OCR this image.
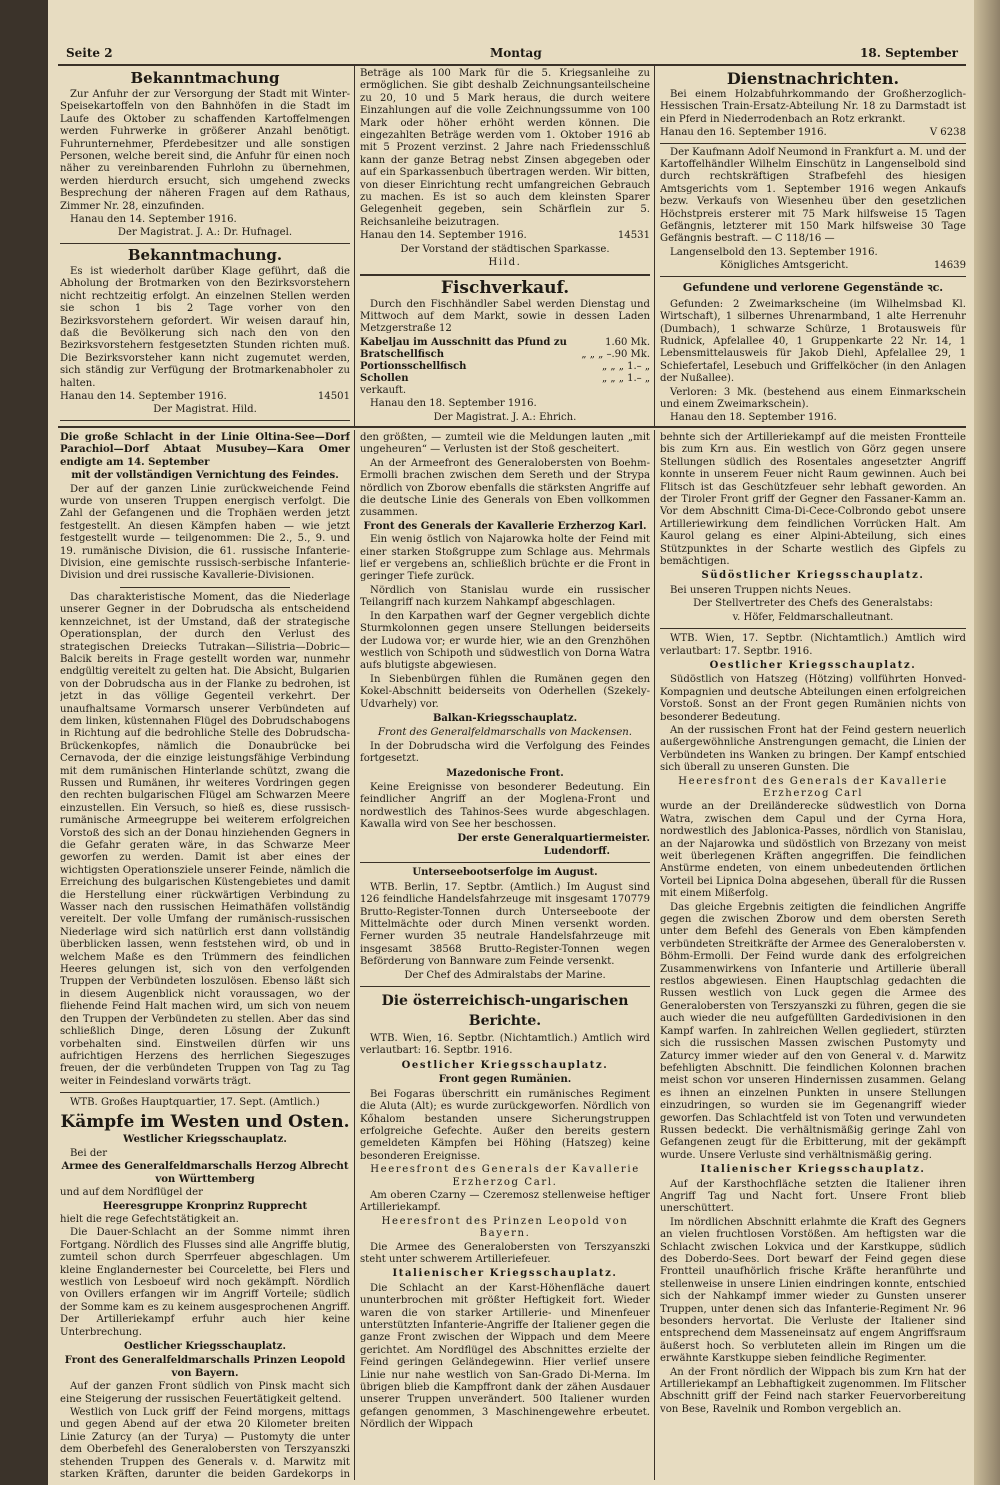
Seite 2	Montag	18. September
Bekanntmachung

Zur Anfuhr der zur Versorgung der Stadt mit Winter-Speisekartoffeln von den Bahnhöfen in die Stadt im Laufe des Oktober zu schaffenden Kartoffelmengen werden Fuhrwerke in größerer Anzahl benötigt. Fuhrunternehmer, Pferdebesitzer und alle sonstigen Personen, welche bereit sind, die Anfuhr für einen noch näher zu vereinbarenden Fuhrlohn zu übernehmen, werden hierdurch ersucht, sich umgehend zwecks Besprechung der näheren Fragen auf dem Rathaus, Zimmer Nr. 28, einzufinden.

Hanau den 14. September 1916.

Der Magistrat. J. A.: Dr. Hufnagel.

Bekanntmachung.

Es ist wiederholt darüber Klage geführt, daß die Abholung der Brotmarken von den Bezirksvorstehern nicht rechtzeitig erfolgt. An einzelnen Stellen werden sie schon 1 bis 2 Tage vorher von den Bezirksvorstehern gefordert. Wir weisen darauf hin, daß die Bevölkerung sich nach den von den Bezirksvorstehern festgesetzten Stunden richten muß. Die Bezirksvorsteher kann nicht zugemutet werden, sich ständig zur Verfügung der Brotmarkenabholer zu halten.

Hanau den 14. September 1916.	14501

Der Magistrat. Hild.

Beträge als 100 Mark für die 5. Kriegsanleihe zu ermöglichen. Sie gibt deshalb Zeichnungsanteilscheine zu 20, 10 und 5 Mark heraus, die durch weitere Einzahlungen auf die volle Zeichnungssumme von 100 Mark oder höher erhöht werden können. Die eingezahlten Beträge werden vom 1. Oktober 1916 ab mit 5 Prozent verzinst. 2 Jahre nach Friedensschluß kann der ganze Betrag nebst Zinsen abgegeben oder auf ein Sparkassenbuch übertragen werden. Wir bitten, von dieser Einrichtung recht umfangreichen Gebrauch zu machen. Es ist so auch dem kleinsten Sparer Gelegenheit gegeben, sein Schärflein zur 5. Reichsanleihe beizutragen.

Hanau den 14. September 1916.	14531

Der Vorstand der städtischen Sparkasse.

Hild.

Fischverkauf.

Durch den Fischhändler Sabel werden Dienstag und Mittwoch auf dem Markt, sowie in dessen Laden Metzgerstraße 12

Kabeljau im Ausschnitt das Pfund zu	1.60 Mk.
Bratschellfisch	„ „ „ –.90 Mk.
Portionsschellfisch	„ „ „ 1.– „
Schollen	„ „ „ 1.– „

verkauft.

Hanau den 18. September 1916.

Der Magistrat. J. A.: Ehrich.

Dienstnachrichten.

Bei einem Holzabfuhrkommando der Großherzoglich-Hessischen Train-Ersatz-Abteilung Nr. 18 zu Darmstadt ist ein Pferd in Niederrodenbach an Rotz erkrankt.

Hanau den 16. September 1916.	V 6238

Der Kaufmann Adolf Neumond in Frankfurt a. M. und der Kartoffelhändler Wilhelm Einschütz in Langenselbold sind durch rechtskräftigen Strafbefehl des hiesigen Amtsgerichts vom 1. September 1916 wegen Ankaufs bezw. Verkaufs von Wiesenheu über den gesetzlichen Höchstpreis ersterer mit 75 Mark hilfsweise 15 Tagen Gefängnis, letzterer mit 150 Mark hilfsweise 30 Tage Gefängnis bestraft. — C 118/16 —

Langenselbold den 13. September 1916.

Königliches Amtsgericht.	14639

Gefundene und verlorene Gegenstände ꝛc.

Gefunden: 2 Zweimarkscheine (im Wilhelmsbad Kl. Wirtschaft), 1 silbernes Uhrenarmband, 1 alte Herrenuhr (Dumbach), 1 schwarze Schürze, 1 Brotausweis für Rudnick, Apfelallee 40, 1 Gruppenkarte 22 Nr. 14, 1 Lebensmittelausweis für Jakob Diehl, Apfelallee 29, 1 Schiefertafel, Lesebuch und Griffelköcher (in den Anlagen der Nußallee).

Verloren: 3 Mk. (bestehend aus einem Einmarkschein und einem Zweimarkschein).

Hanau den 18. September 1916.

Die große Schlacht in der Linie Oltina-See—Dorf Parachiol—Dorf Abtaat Musubey—Kara Omer endigte am 14. September

mit der vollständigen Vernichtung des Feindes.

Der auf der ganzen Linie zurückweichende Feind wurde von unseren Truppen energisch verfolgt. Die Zahl der Gefangenen und die Trophäen werden jetzt festgestellt. An diesen Kämpfen haben — wie jetzt festgestellt wurde — teilgenommen: Die 2., 5., 9. und 19. rumänische Division, die 61. russische Infanterie-Division, eine gemischte russisch-serbische Infanterie-Division und drei russische Kavallerie-Divisionen.

Das charakteristische Moment, das die Niederlage unserer Gegner in der Dobrudscha als entscheidend kennzeichnet, ist der Umstand, daß der strategische Operationsplan, der durch den Verlust des strategischen Dreiecks Tutrakan—Silistria—Dobric—Balcik bereits in Frage gestellt worden war, nunmehr endgültig vereitelt zu gelten hat. Die Absicht, Bulgarien von der Dobrudscha aus in der Flanke zu bedrohen, ist jetzt in das völlige Gegenteil verkehrt. Der unaufhaltsame Vormarsch unserer Verbündeten auf dem linken, küstennahen Flügel des Dobrudschabogens in Richtung auf die bedrohliche Stelle des Dobrudscha-Brückenkopfes, nämlich die Donaubrücke bei Cernavoda, der die einzige leistungsfähige Verbindung mit dem rumänischen Hinterlande schützt, zwang die Russen und Rumänen, ihr weiteres Vordringen gegen den rechten bulgarischen Flügel am Schwarzen Meere einzustellen. Ein Versuch, so hieß es, diese russisch-rumänische Armeegruppe bei weiterem erfolgreichen Vorstoß des sich an der Donau hinziehenden Gegners in die Gefahr geraten wäre, in das Schwarze Meer geworfen zu werden. Damit ist aber eines der wichtigsten Operationsziele unserer Feinde, nämlich die Erreichung des bulgarischen Küstengebietes und damit die Herstellung einer rückwärtigen Verbindung zu Wasser nach den russischen Heimathäfen vollständig vereitelt. Der volle Umfang der rumänisch-russischen Niederlage wird sich natürlich erst dann vollständig überblicken lassen, wenn feststehen wird, ob und in welchem Maße es den Trümmern des feindlichen Heeres gelungen ist, sich von den verfolgenden Truppen der Verbündeten loszulösen. Ebenso läßt sich in diesem Augenblick nicht voraussagen, wo der fliehende Feind Halt machen wird, um sich von neuem den Truppen der Verbündeten zu stellen. Aber das sind schließlich Dinge, deren Lösung der Zukunft vorbehalten sind. Einstweilen dürfen wir uns aufrichtigen Herzens des herrlichen Siegeszuges freuen, der die verbündeten Truppen von Tag zu Tag weiter in Feindesland vorwärts trägt.

WTB. Großes Hauptquartier, 17. Sept. (Amtlich.)

Kämpfe im Westen und Osten.
Westlicher Kriegsschauplatz.

Bei der

Armee des Generalfeldmarschalls Herzog Albrecht von Württemberg

und auf dem Nordflügel der

Heeresgruppe Kronprinz Rupprecht

hielt die rege Gefechtstätigkeit an.

Die Dauer-Schlacht an der Somme nimmt ihren Fortgang. Nördlich des Flusses sind alle Angriffe blutig, zumteil schon durch Sperrfeuer abgeschlagen. Um kleine Englandernester bei Courcelette, bei Flers und westlich von Lesboeuf wird noch gekämpft. Nördlich von Ovillers erfangen wir im Angriff Vorteile; südlich der Somme kam es zu keinem ausgesprochenen Angriff. Der Artilleriekampf erfuhr auch hier keine Unterbrechung.

Oestlicher Kriegsschauplatz.

Front des Generalfeldmarschalls Prinzen Leopold von Bayern.

Auf der ganzen Front südlich von Pinsk macht sich eine Steigerung der russischen Feuertätigkeit geltend.

Westlich von Luck griff der Feind morgens, mittags und gegen Abend auf der etwa 20 Kilometer breiten Linie Zaturcy (an der Turya) — Pustomyty die unter dem Oberbefehl des Generalobersten von Terszyanszki stehenden Truppen des Generals v. d. Marwitz mit starken Kräften, darunter die beiden Gardekorps in

den größten, — zumteil wie die Meldungen lauten „mit ungeheuren“ — Verlusten ist der Stoß gescheitert.

An der Armeefront des Generalobersten von Boehm-Ermolli brachen zwischen dem Sereth und der Strypa nördlich von Zborow ebenfalls die stärksten Angriffe auf die deutsche Linie des Generals von Eben vollkommen zusammen.

Front des Generals der Kavallerie Erzherzog Karl.

Ein wenig östlich von Najarowka holte der Feind mit einer starken Stoßgruppe zum Schlage aus. Mehrmals lief er vergebens an, schließlich brüchte er die Front in geringer Tiefe zurück.

Nördlich von Stanislau wurde ein russischer Teilangriff nach kurzem Nahkampf abgeschlagen.

In den Karpathen warf der Gegner vergeblich dichte Sturmkolonnen gegen unsere Stellungen beiderseits der Ludowa vor; er wurde hier, wie an den Grenzhöhen westlich von Schipoth und südwestlich von Dorna Watra aufs blutigste abgewiesen.

In Siebenbürgen fühlen die Rumänen gegen den Kokel-Abschnitt beiderseits von Oderhellen (Szekely-Udvarhely) vor.

Balkan-Kriegsschauplatz.

Front des Generalfeldmarschalls von Mackensen.

In der Dobrudscha wird die Verfolgung des Feindes fortgesetzt.

Mazedonische Front.

Keine Ereignisse von besonderer Bedeutung. Ein feindlicher Angriff an der Moglena-Front und nordwestlich des Tahinos-Sees wurde abgeschlagen. Kawalla wird von See her beschossen.

Der erste Generalquartiermeister.

Ludendorff.

Unterseebootserfolge im August.

WTB. Berlin, 17. Septbr. (Amtlich.) Im August sind 126 feindliche Handelsfahrzeuge mit insgesamt 170779 Brutto-Register-Tonnen durch Unterseeboote der Mittelmächte oder durch Minen versenkt worden. Ferner wurden 35 neutrale Handelsfahrzeuge mit insgesamt 38568 Brutto-Register-Tonnen wegen Beförderung von Bannware zum Feinde versenkt.

Der Chef des Admiralstabs der Marine.

Die österreichisch-ungarischen Berichte.

WTB. Wien, 16. Septbr. (Nichtamtlich.) Amtlich wird verlautbart: 16. Septbr. 1916.

Oestlicher Kriegsschauplatz.
Front gegen Rumänien.

Bei Fogaras überschritt ein rumänisches Regiment die Aluta (Alt); es wurde zurückgeworfen. Nördlich von Kőhalom bestanden unsere Sicherungstruppen erfolgreiche Gefechte. Außer den bereits gestern gemeldeten Kämpfen bei Höhing (Hatszeg) keine besonderen Ereignisse.

Heeresfront des Generals der Kavallerie Erzherzog Carl.

Am oberen Czarny — Czeremosz stellenweise heftiger Artilleriekampf.

Heeresfront des Prinzen Leopold von Bayern.

Die Armee des Generalobersten von Terszyanszki steht unter schwerem Artilleriefeuer.

Italienischer Kriegsschauplatz.

Die Schlacht an der Karst-Höhenfläche dauert ununterbrochen mit größter Heftigkeit fort. Wieder waren die von starker Artillerie- und Minenfeuer unterstützten Infanterie-Angriffe der Italiener gegen die ganze Front zwischen der Wippach und dem Meere gerichtet. Am Nordflügel des Abschnittes erzielte der Feind geringen Geländegewinn. Hier verlief unsere Linie nur nahe westlich von San-Grado Di-Merna. Im übrigen blieb die Kampffront dank der zähen Ausdauer unserer Truppen unverändert. 500 Italiener wurden gefangen genommen, 3 Maschinengewehre erbeutet. Nördlich der Wippach

behnte sich der Artilleriekampf auf die meisten Frontteile bis zum Krn aus. Ein westlich von Görz gegen unsere Stellungen südlich des Rosentales angesetzter Angriff konnte in unserem Feuer nicht Raum gewinnen. Auch bei Flitsch ist das Geschützfeuer sehr lebhaft geworden. An der Tiroler Front griff der Gegner den Fassaner-Kamm an. Vor dem Abschnitt Cima-Di-Cece-Colbrondo gebot unsere Artilleriewirkung dem feindlichen Vorrücken Halt. Am Kaurol gelang es einer Alpini-Abteilung, sich eines Stützpunktes in der Scharte westlich des Gipfels zu bemächtigen.

Südöstlicher Kriegsschauplatz.

Bei unseren Truppen nichts Neues.

Der Stellvertreter des Chefs des Generalstabs:

v. Höfer, Feldmarschalleutnant.

WTB. Wien, 17. Septbr. (Nichtamtlich.) Amtlich wird verlautbart: 17. Septbr. 1916.

Oestlicher Kriegsschauplatz.

Südöstlich von Hatszeg (Hötzing) vollführten Honved-Kompagnien und deutsche Abteilungen einen erfolgreichen Vorstoß. Sonst an der Front gegen Rumänien nichts von besonderer Bedeutung.

An der russischen Front hat der Feind gestern neuerlich außergewöhnliche Anstrengungen gemacht, die Linien der Verbündeten ins Wanken zu bringen. Der Kampf entschied sich überall zu unseren Gunsten. Die

Heeresfront des Generals der Kavallerie Erzherzog Carl

wurde an der Dreiländerecke südwestlich von Dorna Watra, zwischen dem Capul und der Cyrna Hora, nordwestlich des Jablonica-Passes, nördlich von Stanislau, an der Najarowka und südöstlich von Brzezany von meist weit überlegenen Kräften angegriffen. Die feindlichen Anstürme endeten, von einem unbedeutenden örtlichen Vorteil bei Lipnica Dolna abgesehen, überall für die Russen mit einem Mißerfolg.

Das gleiche Ergebnis zeitigten die feindlichen Angriffe gegen die zwischen Zborow und dem obersten Sereth unter dem Befehl des Generals von Eben kämpfenden verbündeten Streitkräfte der Armee des Generalobersten v. Böhm-Ermolli. Der Feind wurde dank des erfolgreichen Zusammenwirkens von Infanterie und Artillerie überall restlos abgewiesen. Einen Hauptschlag gedachten die Russen westlich von Luck gegen die Armee des Generalobersten von Terszyanszki zu führen, gegen die sie auch wieder die neu aufgefüllten Gardedivisionen in den Kampf warfen. In zahlreichen Wellen gegliedert, stürzten sich die russischen Massen zwischen Pustomyty und Zaturcy immer wieder auf den von General v. d. Marwitz befehligten Abschnitt. Die feindlichen Kolonnen brachen meist schon vor unseren Hindernissen zusammen. Gelang es ihnen an einzelnen Punkten in unsere Stellungen einzudringen, so wurden sie im Gegenangriff wieder geworfen. Das Schlachtfeld ist von Toten und verwundeten Russen bedeckt. Die verhältnismäßig geringe Zahl von Gefangenen zeugt für die Erbitterung, mit der gekämpft wurde. Unsere Verluste sind verhältnismäßig gering.

Italienischer Kriegsschauplatz.

Auf der Karsthochfläche setzten die Italiener ihren Angriff Tag und Nacht fort. Unsere Front blieb unerschüttert.

Im nördlichen Abschnitt erlahmte die Kraft des Gegners an vielen fruchtlosen Vorstößen. Am heftigsten war die Schlacht zwischen Lokvica und der Karstkuppe, südlich des Doberdo-Sees. Dort bewarf der Feind gegen diese Frontteil unaufhörlich frische Kräfte heranführte und stellenweise in unsere Linien eindringen konnte, entschied sich der Nahkampf immer wieder zu Gunsten unserer Truppen, unter denen sich das Infanterie-Regiment Nr. 96 besonders hervortat. Die Verluste der Italiener sind entsprechend dem Masseneinsatz auf engem Angriffsraum äußerst hoch. So verbluteten allein im Ringen um die erwähnte Karstkuppe sieben feindliche Regimenter.

An der Front nördlich der Wippach bis zum Krn hat der Artilleriekampf an Lebhaftigkeit zugenommen. Im Flitscher Abschnitt griff der Feind nach starker Feuervorbereitung von Bese, Ravelnik und Rombon vergeblich an.
